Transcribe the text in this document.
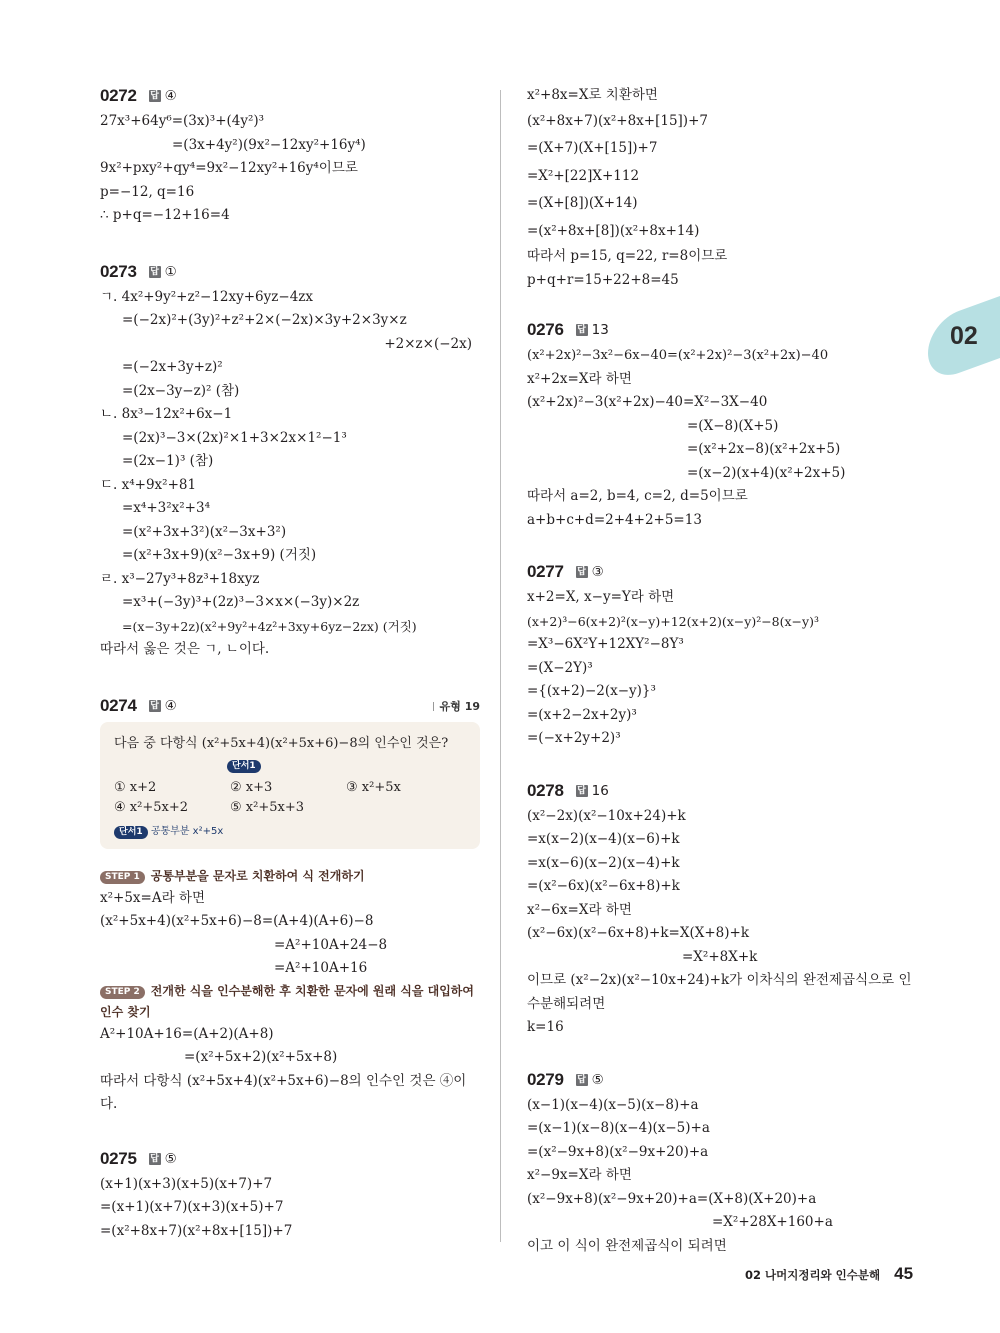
02
0272 답 ④
27x³+64y⁶=(3x)³+(4y²)³
=(3x+4y²)(9x²−12xy²+16y⁴)
9x²+pxy²+qy⁴=9x²−12xy²+16y⁴이므로
p=−12, q=16
∴ p+q=−12+16=4
0273 답 ①
ㄱ. 4x²+9y²+z²−12xy+6yz−4zx
=(−2x)²+(3y)²+z²+2×(−2x)×3y+2×3y×z
+2×z×(−2x)
=(−2x+3y+z)²
=(2x−3y−z)² (참)
ㄴ. 8x³−12x²+6x−1
=(2x)³−3×(2x)²×1+3×2x×1²−1³
=(2x−1)³ (참)
ㄷ. x⁴+9x²+81
=x⁴+3²x²+3⁴
=(x²+3x+3²)(x²−3x+3²)
=(x²+3x+9)(x²−3x+9) (거짓)
ㄹ. x³−27y³+8z³+18xyz
=x³+(−3y)³+(2z)³−3×x×(−3y)×2z
=(x−3y+2z)(x²+9y²+4z²+3xy+6yz−2zx) (거짓)
따라서 옳은 것은 ㄱ, ㄴ이다.
0274 답 ④	유형 19
다음 중 다항식 (x²+5x+4)(x²+5x+6)−8의 인수인 것은?
단서1
① x+2	② x+3	③ x²+5x
④ x²+5x+2	⑤ x²+5x+3
단서1 공통부분 x²+5x
STEP 1 공통부분을 문자로 치환하여 식 전개하기
x²+5x=A라 하면
(x²+5x+4)(x²+5x+6)−8=(A+4)(A+6)−8
=A²+10A+24−8
=A²+10A+16
STEP 2 전개한 식을 인수분해한 후 치환한 문자에 원래 식을 대입하여 인수 찾기
A²+10A+16=(A+2)(A+8)
=(x²+5x+2)(x²+5x+8)
따라서 다항식 (x²+5x+4)(x²+5x+6)−8의 인수인 것은 ④이다.
0275 답 ⑤
(x+1)(x+3)(x+5)(x+7)+7
=(x+1)(x+7)(x+3)(x+5)+7
=(x²+8x+7)(x²+8x+[15])+7
x²+8x=X로 치환하면
(x²+8x+7)(x²+8x+[15])+7
=(X+7)(X+[15])+7
=X²+[22]X+112
=(X+[8])(X+14)
=(x²+8x+[8])(x²+8x+14)
따라서 p=15, q=22, r=8이므로
p+q+r=15+22+8=45
0276 답 13
(x²+2x)²−3x²−6x−40=(x²+2x)²−3(x²+2x)−40
x²+2x=X라 하면
(x²+2x)²−3(x²+2x)−40=X²−3X−40
=(X−8)(X+5)
=(x²+2x−8)(x²+2x+5)
=(x−2)(x+4)(x²+2x+5)
따라서 a=2, b=4, c=2, d=5이므로
a+b+c+d=2+4+2+5=13
0277 답 ③
x+2=X, x−y=Y라 하면
(x+2)³−6(x+2)²(x−y)+12(x+2)(x−y)²−8(x−y)³
=X³−6X²Y+12XY²−8Y³
=(X−2Y)³
={(x+2)−2(x−y)}³
=(x+2−2x+2y)³
=(−x+2y+2)³
0278 답 16
(x²−2x)(x²−10x+24)+k
=x(x−2)(x−4)(x−6)+k
=x(x−6)(x−2)(x−4)+k
=(x²−6x)(x²−6x+8)+k
x²−6x=X라 하면
(x²−6x)(x²−6x+8)+k=X(X+8)+k
=X²+8X+k
이므로 (x²−2x)(x²−10x+24)+k가 이차식의 완전제곱식으로 인수분해되려면
k=16
0279 답 ⑤
(x−1)(x−4)(x−5)(x−8)+a
=(x−1)(x−8)(x−4)(x−5)+a
=(x²−9x+8)(x²−9x+20)+a
x²−9x=X라 하면
(x²−9x+8)(x²−9x+20)+a=(X+8)(X+20)+a
=X²+28X+160+a
이고 이 식이 완전제곱식이 되려면
02 나머지정리와 인수분해 45
